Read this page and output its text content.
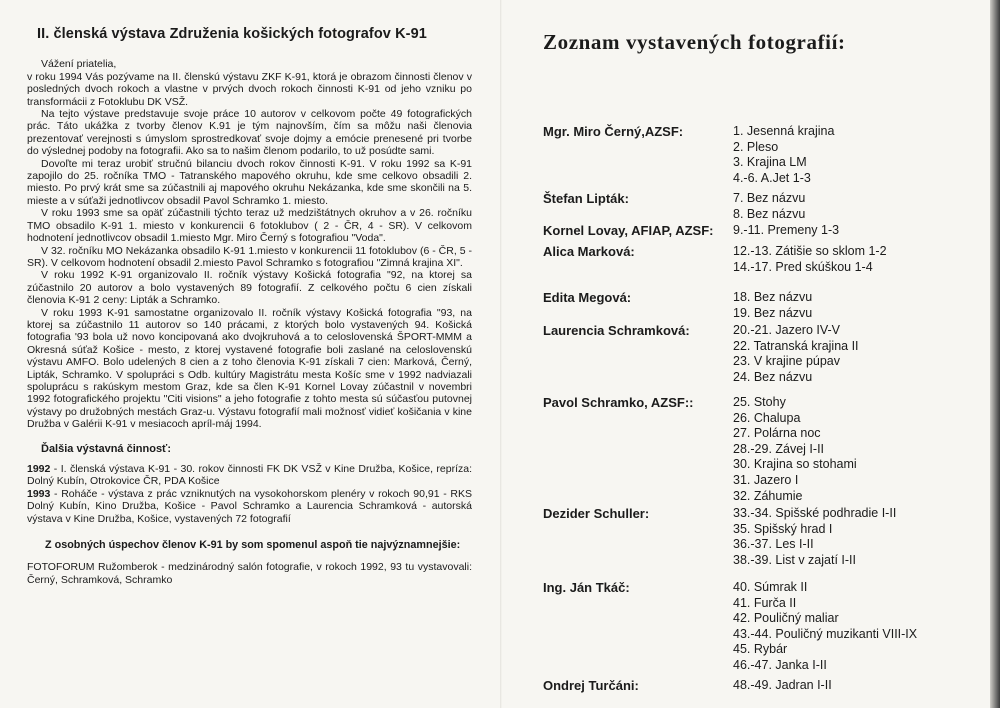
II. členská výstava Združenia košických fotografov K-91

Vážení priatelia,

v roku 1994 Vás pozývame na II. členskú výstavu ZKF K-91, ktorá je obrazom činnosti členov v posledných dvoch rokoch a vlastne v prvých dvoch rokoch činnosti K-91 od jeho vzniku po transformácii z Fotoklubu DK VSŽ.

Na tejto výstave predstavuje svoje práce 10 autorov v celkovom počte 49 fotografických prác. Táto ukážka z tvorby členov K.91 je tým najnovším, čím sa môžu naši členovia prezentovať verejnosti s úmyslom sprostredkovať svoje dojmy a emócie prenesené pri tvorbe do výslednej podoby na fotografii. Ako sa to našim členom podarilo, to už posúdte sami.

Dovoľte mi teraz urobiť stručnú bilanciu dvoch rokov činnosti K-91. V roku 1992 sa K-91 zapojilo do 25. ročníka TMO - Tatranského mapového okruhu, kde sme celkovo obsadili 2. miesto. Po prvý krát sme sa zúčastnili aj mapového okruhu Nekázanka, kde sme skončili na 5. mieste a v súťaži jednotlivcov obsadil Pavol Schramko 1. miesto.

V roku 1993 sme sa opäť zúčastnili týchto teraz už medzištátnych okruhov a v 26. ročníku TMO obsadilo K-91 1. miesto v konkurencii 6 fotoklubov ( 2 - ČR, 4 - SR). V celkovom hodnotení jednotlivcov obsadil 1.miesto Mgr. Miro Černý s fotografiou "Voda".

V 32. ročníku MO Nekázanka obsadilo K-91 1.miesto v konkurencii 11 fotoklubov (6 - ČR, 5 - SR). V celkovom hodnotení obsadil 2.miesto Pavol Schramko s fotografiou "Zimná krajina XI".

V roku 1992 K-91 organizovalo II. ročník výstavy Košická fotografia "92, na ktorej sa zúčastnilo 20 autorov a bolo vystavených 89 fotografií. Z celkového počtu 6 cien získali členovia K-91 2 ceny: Lipták a Schramko.

V roku 1993 K-91 samostatne organizovalo II. ročník výstavy Košická fotografia "93, na ktorej sa zúčastnilo 11 autorov so 140 prácami, z ktorých bolo vystavených 94. Košická fotografia '93 bola už novo koncipovaná ako dvojkruhová a to celoslovenská ŠPORT-MMM a Okresná súťaž Košice - mesto, z ktorej vystavené fotografie boli zaslané na celoslovenskú výstavu AMFO. Bolo udelených 8 cien a z toho členovia K-91 získali 7 cien: Marková, Černý, Lipták, Schramko. V spolupráci s Odb. kultúry Magistrátu mesta Košíc sme v 1992 nadviazali spoluprácu s rakúskym mestom Graz, kde sa člen K-91 Kornel Lovay zúčastnil v novembri 1992 fotografického projektu "Citi visions" a jeho fotografie z tohto mesta sú súčasťou putovnej výstavy po družobných mestách Graz-u. Výstavu fotografií mali možnosť vidieť košičania v kine Družba v Galérii K-91 v mesiacoch apríl-máj 1994.

Ďalšia výstavná činnosť:

1992 - I. členská výstava K-91 - 30. rokov činnosti FK DK VSŽ v Kine Družba, Košice, repríza: Dolný Kubín, Otrokovice ČR, PDA Košice

1993 - Roháče - výstava z prác vzniknutých na vysokohorskom plenéry v rokoch 90,91 - RKS Dolný Kubín, Kino Družba, Košice - Pavol Schramko a Laurencia Schramková - autorská výstava v Kine Družba, Košice, vystavených 72 fotografií

Z osobných úspechov členov K-91 by som spomenul aspoň tie najvýznamnejšie:

FOTOFORUM Ružomberok - medzinárodný salón fotografie, v rokoch 1992, 93 tu vystavovali: Černý, Schramková, Schramko

Zoznam vystavených fotografií:
Mgr. Miro Černý,AZSF:	1. Jesenná krajina
2. Pleso
3. Krajina LM
4.-6. A.Jet 1-3
Štefan Lipták:	7. Bez názvu
8. Bez názvu
Kornel Lovay, AFIAP, AZSF:	9.-11. Premeny 1-3
Alica Marková:	12.-13. Zátišie so sklom 1-2
14.-17. Pred skúškou 1-4
Edita Megová:	18. Bez názvu
19. Bez názvu
Laurencia Schramková:	20.-21. Jazero IV-V
22. Tatranská krajina II
23. V krajine púpav
24. Bez názvu
Pavol Schramko, AZSF::	25. Stohy
26. Chalupa
27. Polárna noc
28.-29. Závej I-II
30. Krajina so stohami
31. Jazero I
32. Záhumie
Dezider Schuller:	33.-34. Spišské podhradie I-II
35. Spišský hrad I
36.-37. Les I-II
38.-39. List v zajatí I-II
Ing. Ján Tkáč:	40. Súmrak II
41. Furča II
42. Pouličný maliar
43.-44. Pouličný muzikanti VIII-IX
45. Rybár
46.-47. Janka I-II
Ondrej Turčáni:	48.-49. Jadran I-II
